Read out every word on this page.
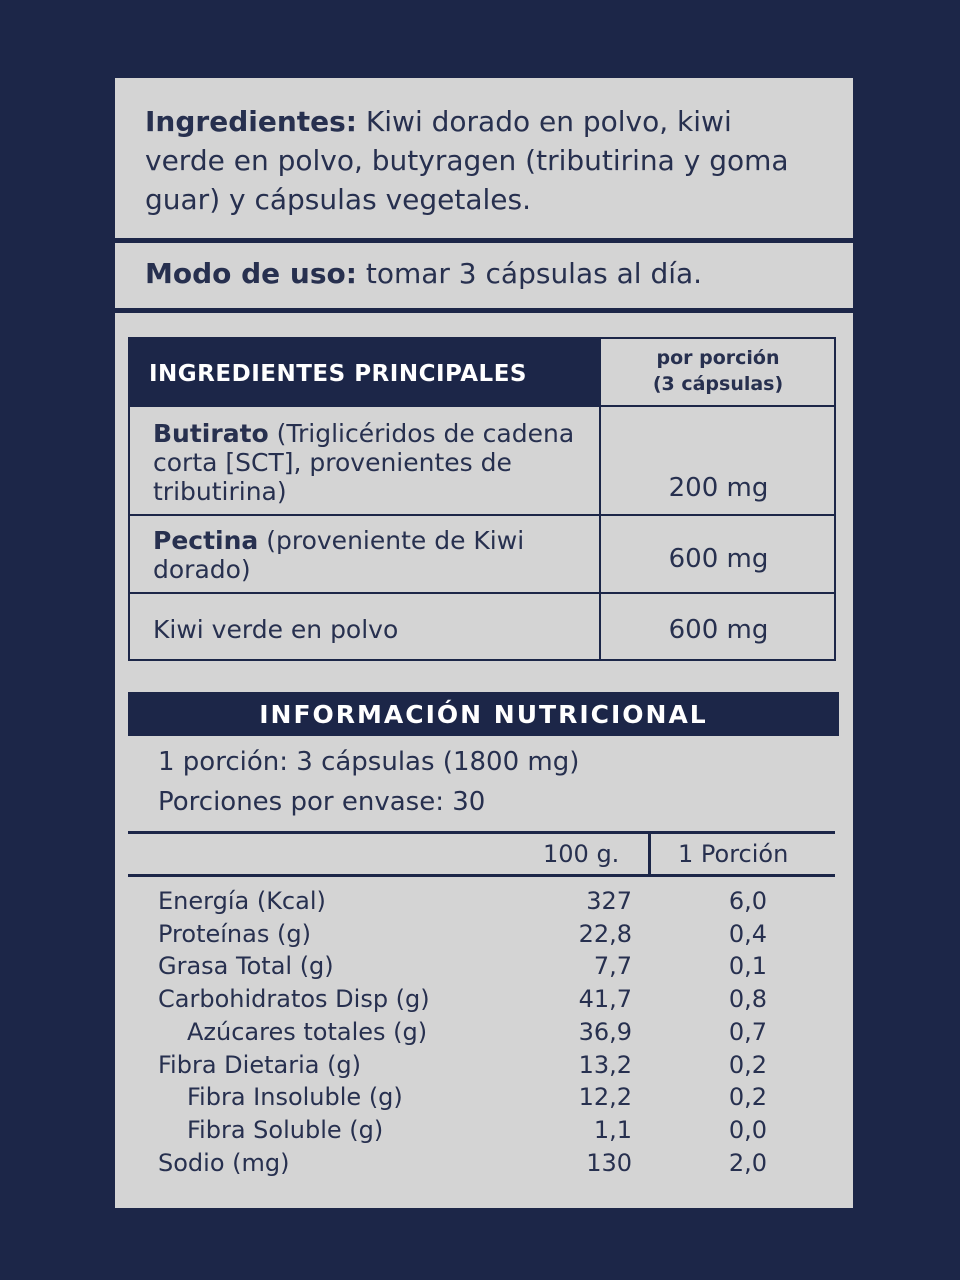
Ingredientes: Kiwi dorado en polvo, kiwi verde en polvo, butyragen (tributirina y goma guar) y cápsulas vegetales.
Modo de uso: tomar 3 cápsulas al día.
INGREDIENTES PRINCIPALES
por porción
(3 cápsulas)
Butirato (Triglicéridos de cadena corta [SCT], provenientes de tributirina)	200 mg
Pectina (proveniente de Kiwi dorado)	600 mg
Kiwi verde en polvo	600 mg
INFORMACIÓN NUTRICIONAL
1 porción: 3 cápsulas (1800 mg)
Porciones por envase: 30
100 g. 1 Porción
Energía (Kcal)	327	6,0
Proteínas (g)	22,8	0,4
Grasa Total (g)	7,7	0,1
Carbohidratos Disp (g)	41,7	0,8
Azúcares totales (g)	36,9	0,7
Fibra Dietaria (g)	13,2	0,2
Fibra Insoluble (g)	12,2	0,2
Fibra Soluble (g)	1,1	0,0
Sodio (mg)	130	2,0
